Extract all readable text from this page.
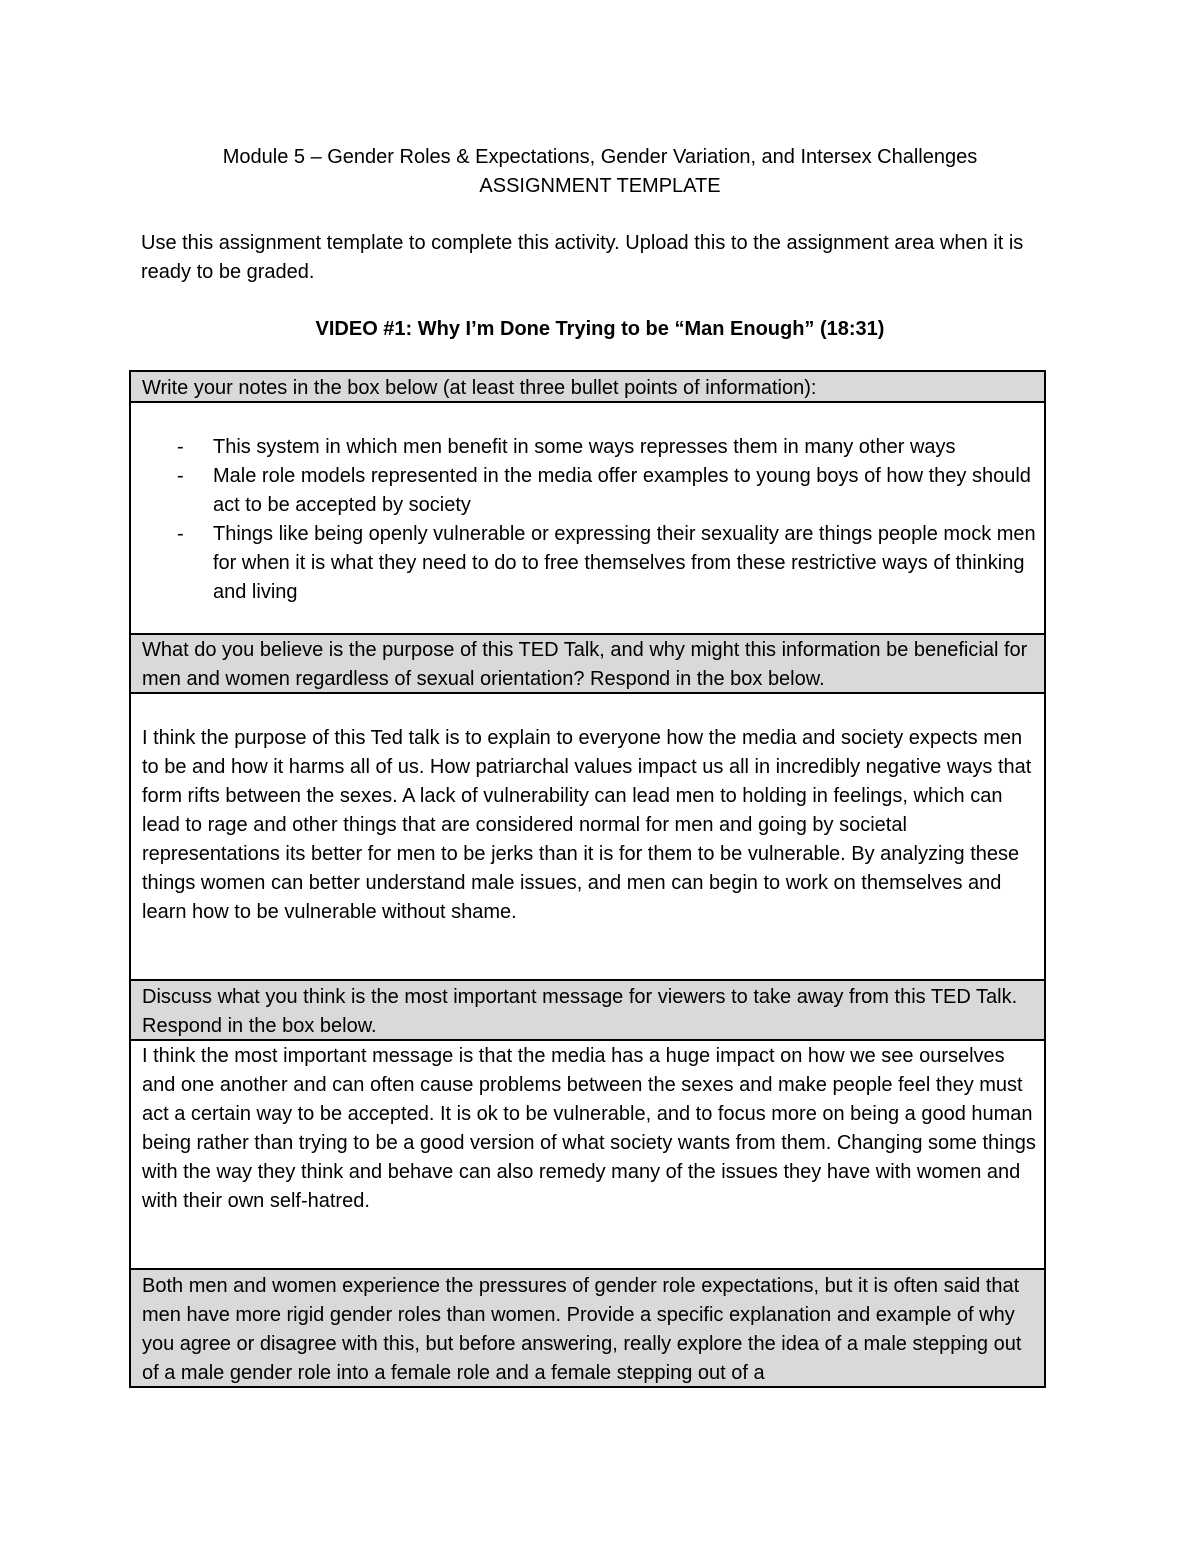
Module 5 – Gender Roles & Expectations, Gender Variation, and Intersex Challenges
ASSIGNMENT TEMPLATE
Use this assignment template to complete this activity. Upload this to the assignment area when it is ready to be graded.
VIDEO #1: Why I’m Done Trying to be “Man Enough” (18:31)
Write your notes in the box below (at least three bullet points of information):
- This system in which men benefit in some ways represses them in many other ways
- Male role models represented in the media offer examples to young boys of how they should act to be accepted by society
- Things like being openly vulnerable or expressing their sexuality are things people mock men for when it is what they need to do to free themselves from these restrictive ways of thinking and living
What do you believe is the purpose of this TED Talk, and why might this information be beneficial for men and women regardless of sexual orientation? Respond in the box below.
I think the purpose of this Ted talk is to explain to everyone how the media and society expects men to be and how it harms all of us. How patriarchal values impact us all in incredibly negative ways that form rifts between the sexes. A lack of vulnerability can lead men to holding in feelings, which can lead to rage and other things that are considered normal for men and going by societal representations its better for men to be jerks than it is for them to be vulnerable. By analyzing these things women can better understand male issues, and men can begin to work on themselves and learn how to be vulnerable without shame.
Discuss what you think is the most important message for viewers to take away from this TED Talk. Respond in the box below.
I think the most important message is that the media has a huge impact on how we see ourselves and one another and can often cause problems between the sexes and make people feel they must act a certain way to be accepted. It is ok to be vulnerable, and to focus more on being a good human being rather than trying to be a good version of what society wants from them. Changing some things with the way they think and behave can also remedy many of the issues they have with women and with their own self-hatred.
Both men and women experience the pressures of gender role expectations, but it is often said that men have more rigid gender roles than women. Provide a specific explanation and example of why you agree or disagree with this, but before answering, really explore the idea of a male stepping out of a male gender role into a female role and a female stepping out of a
